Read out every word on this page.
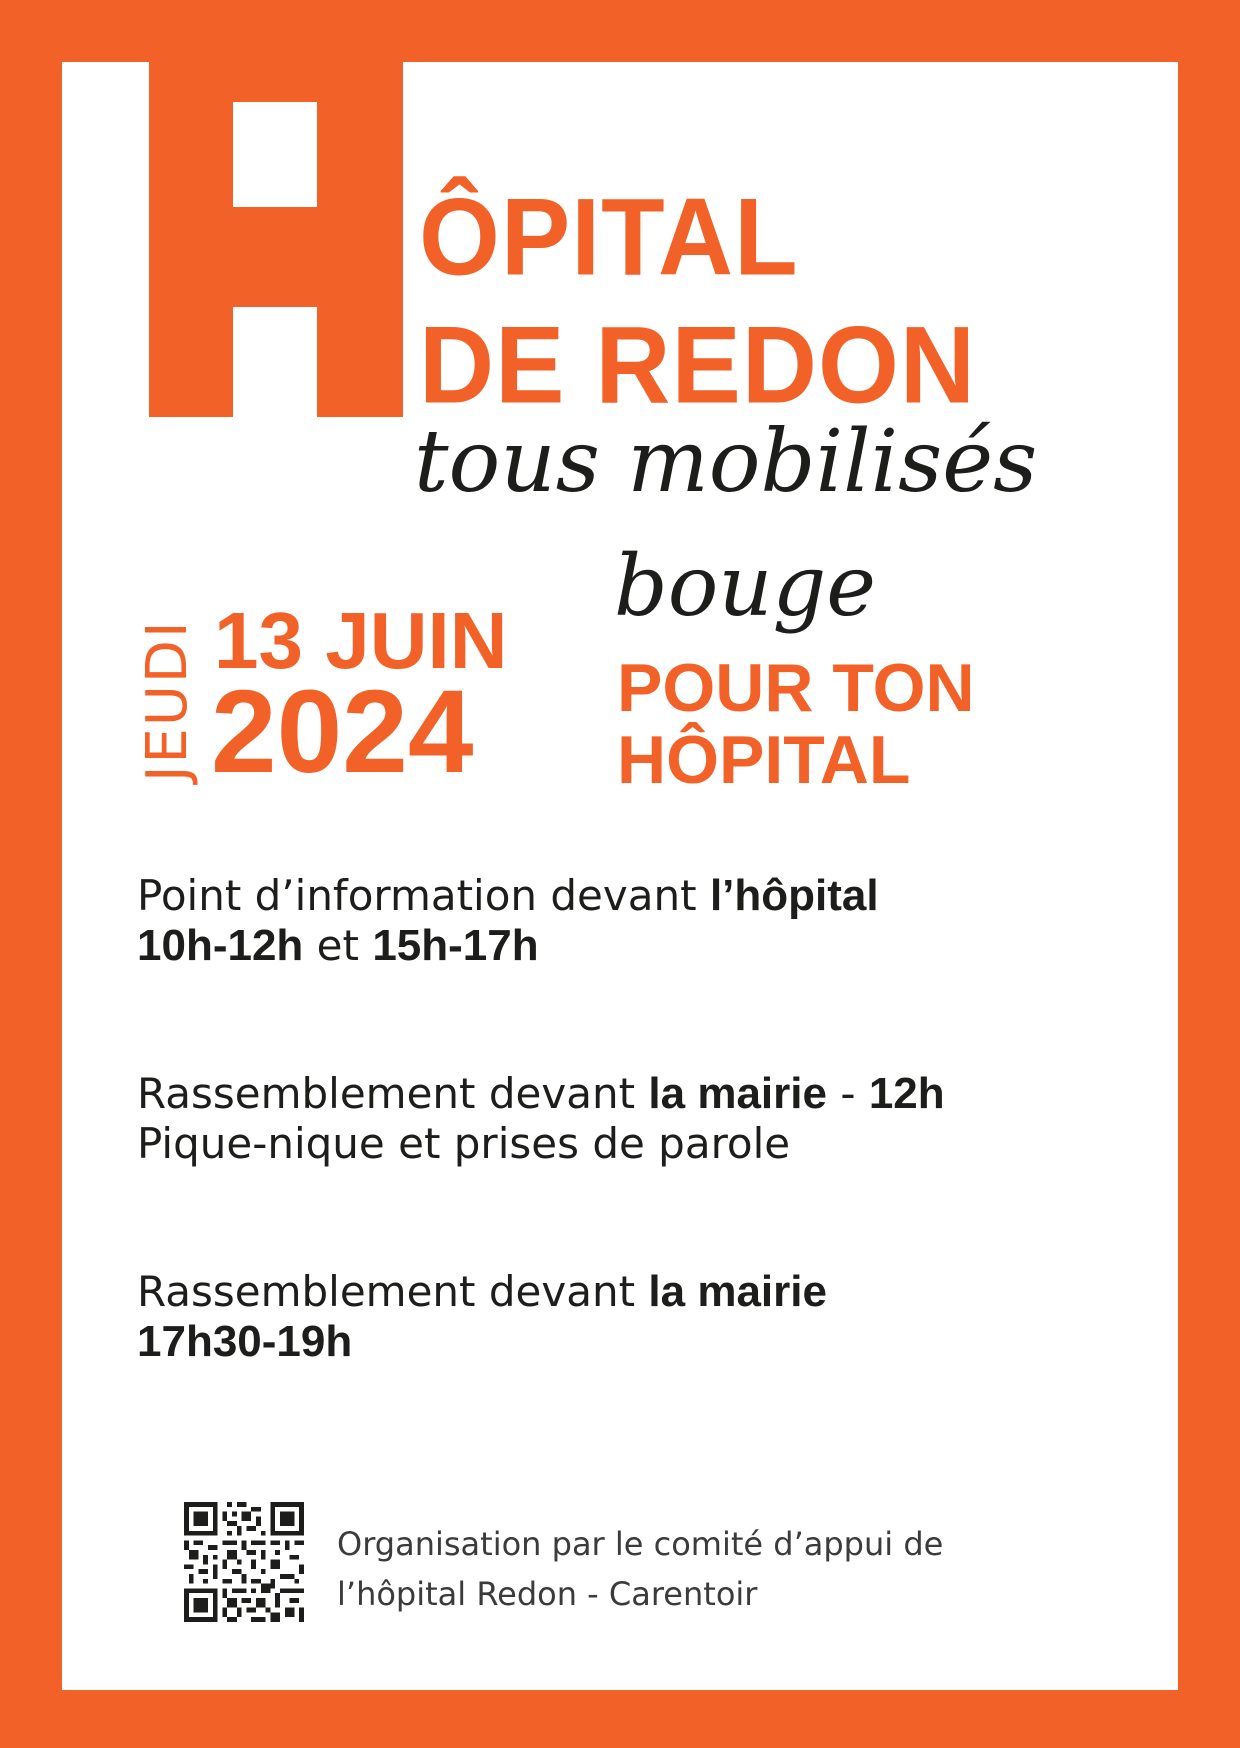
ÔPITAL
DE REDON
tous mobilisés
JEUDI 13 JUIN
2024
bouge
POUR TON
HÔPITAL
Point d’information devant l’hôpital
10h-12h et 15h-17h
Rassemblement devant la mairie - 12h
Pique-nique et prises de parole
Rassemblement devant la mairie
17h30-19h
Organisation par le comité d’appui de
l’hôpital Redon - Carentoir
